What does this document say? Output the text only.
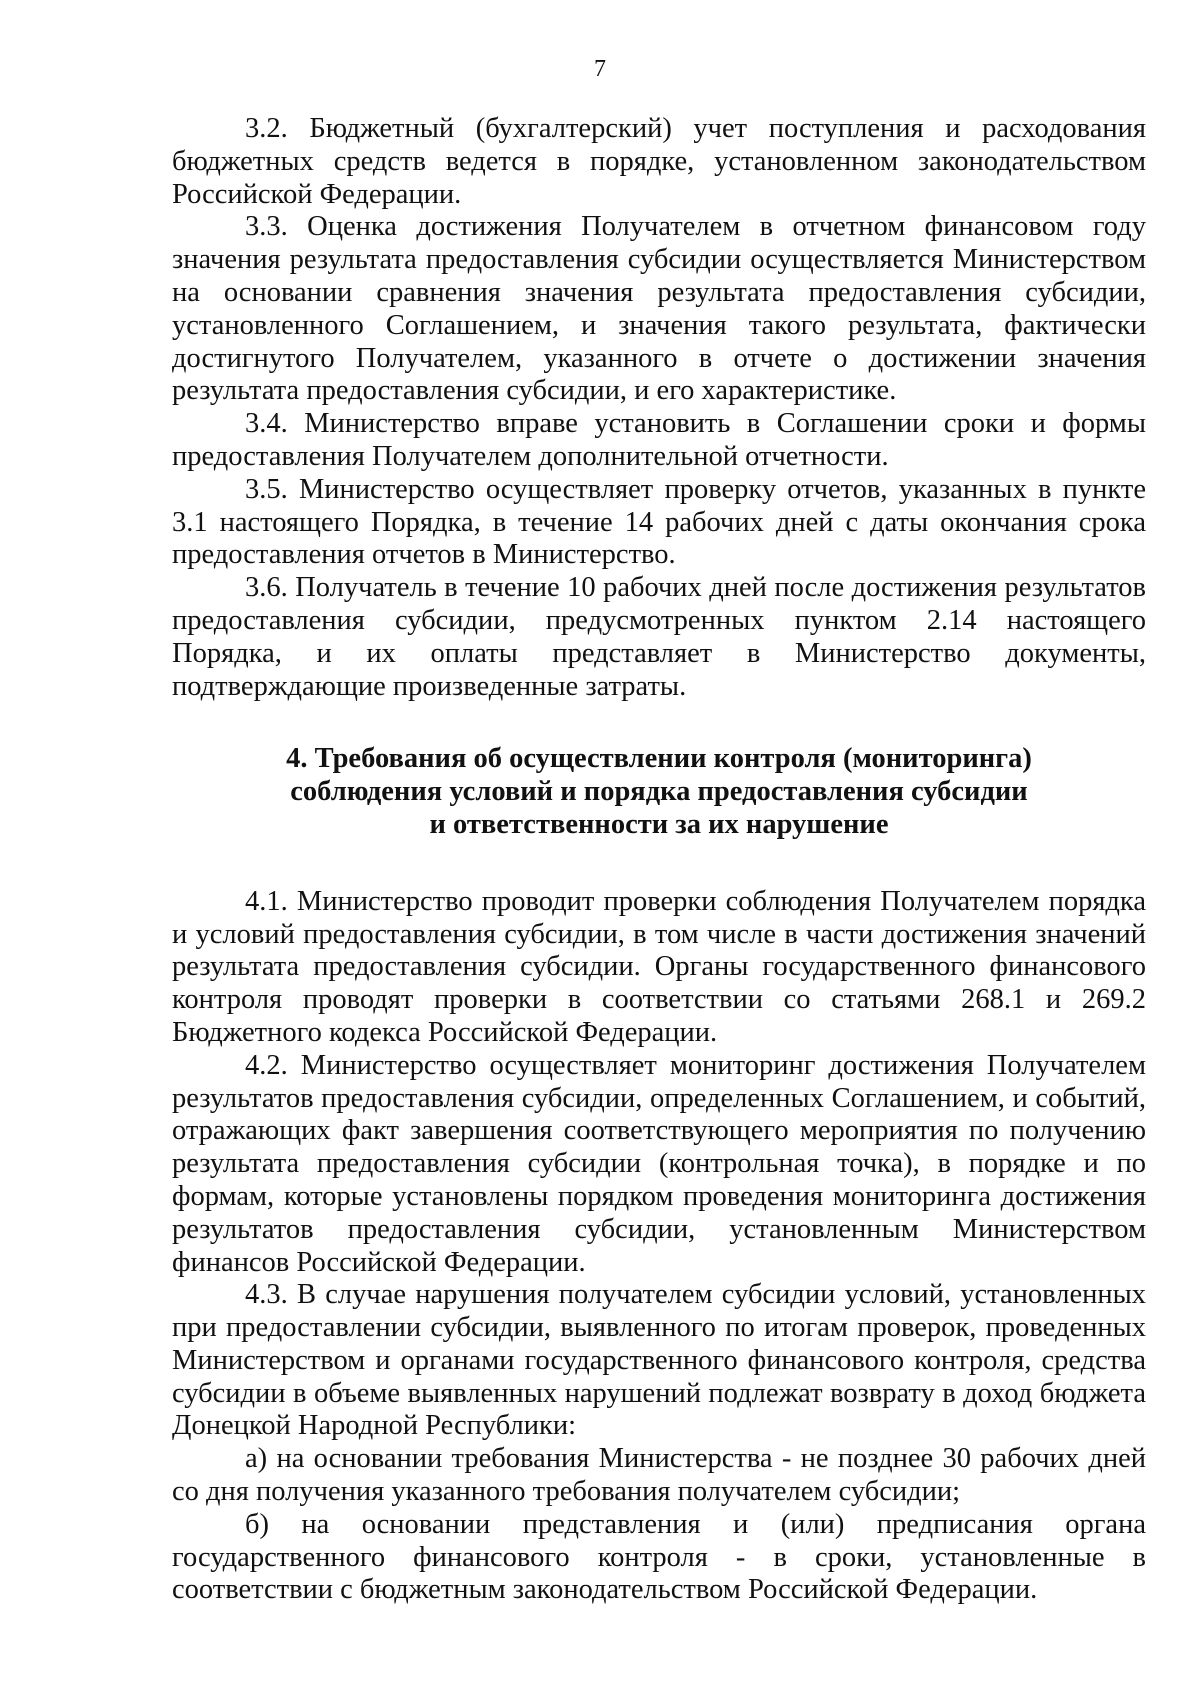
7

3.2. Бюджетный (бухгалтерский) учет поступления и расходования бюджетных средств ведется в порядке, установленном законодательством Российской Федерации.

3.3. Оценка достижения Получателем в отчетном финансовом году значения результата предоставления субсидии осуществляется Министерством на основании сравнения значения результата предоставления субсидии, установленного Соглашением, и значения такого результата, фактически достигнутого Получателем, указанного в отчете о достижении значения результата предоставления субсидии, и его характеристике.

3.4. Министерство вправе установить в Соглашении сроки и формы предоставления Получателем дополнительной отчетности.

3.5. Министерство осуществляет проверку отчетов, указанных в пункте 3.1 настоящего Порядка, в течение 14 рабочих дней с даты окончания срока предоставления отчетов в Министерство.

3.6. Получатель в течение 10 рабочих дней после достижения результатов предоставления субсидии, предусмотренных пунктом 2.14 настоящего Порядка, и их оплаты представляет в Министерство документы, подтверждающие произведенные затраты.

4. Требования об осуществлении контроля (мониторинга)
соблюдения условий и порядка предоставления субсидии
и ответственности за их нарушение

4.1. Министерство проводит проверки соблюдения Получателем порядка и условий предоставления субсидии, в том числе в части достижения значений результата предоставления субсидии. Органы государственного финансового контроля проводят проверки в соответствии со статьями 268.1 и 269.2 Бюджетного кодекса Российской Федерации.

4.2. Министерство осуществляет мониторинг достижения Получателем результатов предоставления субсидии, определенных Соглашением, и событий, отражающих факт завершения соответствующего мероприятия по получению результата предоставления субсидии (контрольная точка), в порядке и по формам, которые установлены порядком проведения мониторинга достижения результатов предоставления субсидии, установленным Министерством финансов Российской Федерации.

4.3. В случае нарушения получателем субсидии условий, установленных при предоставлении субсидии, выявленного по итогам проверок, проведенных Министерством и органами государственного финансового контроля, средства субсидии в объеме выявленных нарушений подлежат возврату в доход бюджета Донецкой Народной Республики:

а) на основании требования Министерства - не позднее 30 рабочих дней со дня получения указанного требования получателем субсидии;

б) на основании представления и (или) предписания органа государственного финансового контроля - в сроки, установленные в соответствии с бюджетным законодательством Российской Федерации.
